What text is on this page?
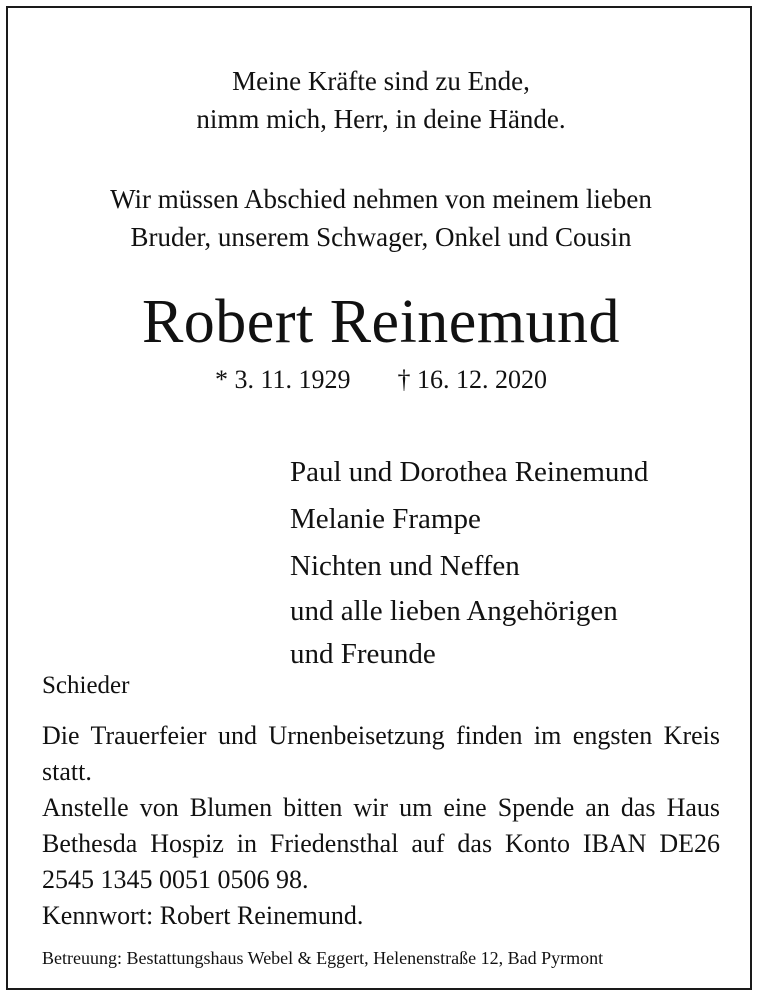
Meine Kräfte sind zu Ende,
nimm mich, Herr, in deine Hände.
Wir müssen Abschied nehmen von meinem lieben
Bruder, unserem Schwager, Onkel und Cousin
Robert Reinemund
* 3. 11. 1929 † 16. 12. 2020
Paul und Dorothea Reinemund
Melanie Frampe
Nichten und Neffen
und alle lieben Angehörigen
und Freunde
Schieder
Die Trauerfeier und Urnenbeisetzung finden im engsten Kreis statt.
Anstelle von Blumen bitten wir um eine Spende an das Haus Bethesda Hospiz in Friedensthal auf das Konto IBAN DE26 2545 1345 0051 0506 98.
Kennwort: Robert Reinemund.
Betreuung: Bestattungshaus Webel & Eggert, Helenenstraße 12, Bad Pyrmont
